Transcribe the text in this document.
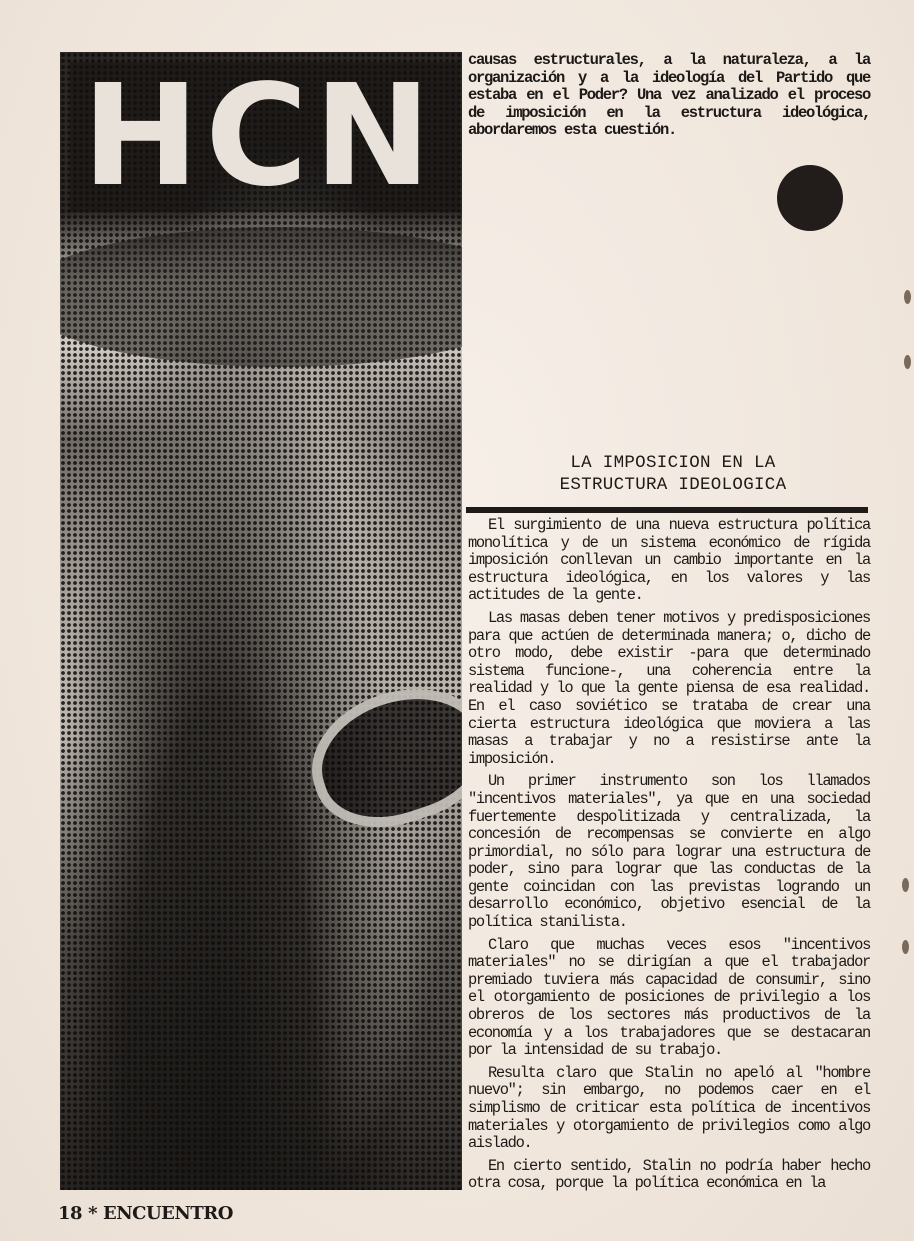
HCN causas estructurales, a la naturaleza, a la organización y a la ideología del Partido que estaba en el Poder? Una vez analizado el proceso de imposición en la estructura ideológica, abordaremos esta cuestión.

LA IMPOSICION EN LA
ESTRUCTURA IDEOLOGICA

El surgimiento de una nueva estructura política monolítica y de un sistema económico de rígida imposición conllevan un cambio importante en la estructura ideológica, en los valores y las actitudes de la gente.

Las masas deben tener motivos y predisposiciones para que actúen de determinada manera; o, dicho de otro modo, debe existir -para que determinado sistema funcione-, una coherencia entre la realidad y lo que la gente piensa de esa realidad. En el caso soviético se trataba de crear una cierta estructura ideológica que moviera a las masas a trabajar y no a resistirse ante la imposición.

Un primer instrumento son los llamados "incentivos materiales", ya que en una sociedad fuertemente despolitizada y centralizada, la concesión de recompensas se convierte en algo primordial, no sólo para lograr una estructura de poder, sino para lograr que las conductas de la gente coincidan con las previstas logrando un desarrollo económico, objetivo esencial de la política stanilista.

Claro que muchas veces esos "incentivos materiales" no se dirigían a que el trabajador premiado tuviera más capacidad de consumir, sino el otorgamiento de posiciones de privilegio a los obreros de los sectores más productivos de la economía y a los trabajadores que se destacaran por la intensidad de su trabajo.

Resulta claro que Stalin no apeló al "hombre nuevo"; sin embargo, no podemos caer en el simplismo de criticar esta política de incentivos materiales y otorgamiento de privilegios como algo aislado.

En cierto sentido, Stalin no podría haber hecho otra cosa, porque la política económica en la

18 * ENCUENTRO
